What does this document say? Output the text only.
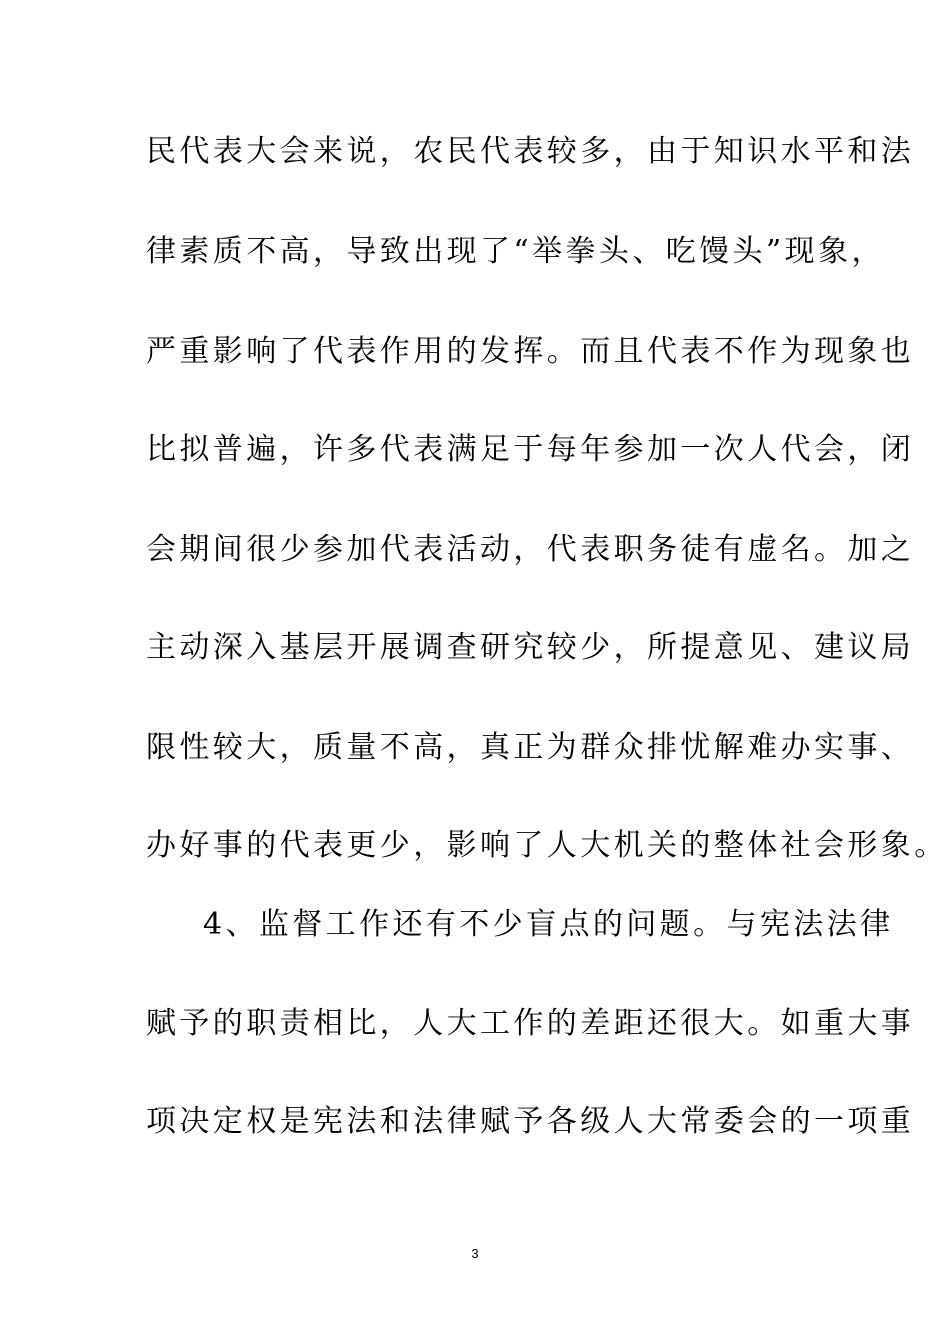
民代表大会来说，农民代表较多，由于知识水平和法
律素质不高，导致出现了“举拳头、吃馒头”现象，
严重影响了代表作用的发挥。而且代表不作为现象也
比拟普遍，许多代表满足于每年参加一次人代会，闭
会期间很少参加代表活动，代表职务徒有虚名。加之
主动深入基层开展调查研究较少，所提意见、建议局
限性较大，质量不高，真正为群众排忧解难办实事、
办好事的代表更少，影响了人大机关的整体社会形象。
4、监督工作还有不少盲点的问题。与宪法法律
赋予的职责相比，人大工作的差距还很大。如重大事
项决定权是宪法和法律赋予各级人大常委会的一项重
3
